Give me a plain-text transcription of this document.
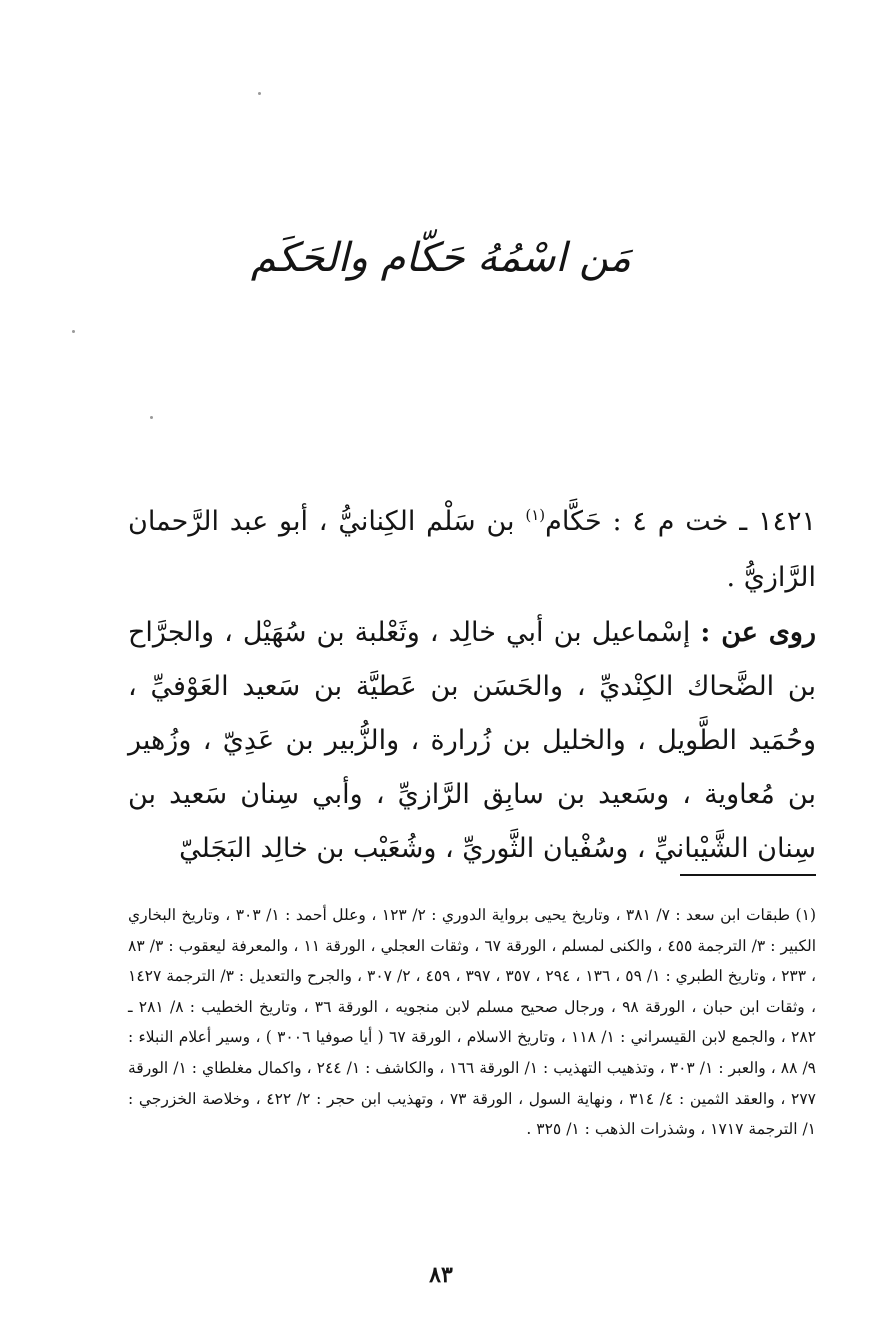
مَن اسْمُهُ حَكّام والحَكَم
١٤٢١ ـ خت م ٤ : حَكَّام$^{(١)}$ بن سَلْم الكِنانيُّ ، أبو عبد الرَّحمان الرَّازيُّ .
روى عن : إسْماعيل بن أبي خالِد ، وثَعْلبة بن سُهَيْل ، والجرَّاح بن الضَّحاك الكِنْديِّ ، والحَسَن بن عَطيَّة بن سَعيد العَوْفيِّ ، وحُمَيد الطَّويل ، والخليل بن زُرارة ، والزُّبير بن عَدِيّ ، وزُهير بن مُعاوية ، وسَعيد بن سابِق الرَّازيِّ ، وأبي سِنان سَعيد بن سِنان الشَّيْبانيِّ ، وسُفْيان الثَّوريِّ ، وشُعَيْب بن خالِد البَجَليّ
(١) طبقات ابن سعد : ٧/ ٣٨١ ، وتاريخ يحيى برواية الدوري : ٢/ ١٢٣ ، وعلل أحمد : ١/ ٣٠٣ ، وتاريخ البخاري الكبير : ٣/ الترجمة ٤٥٥ ، والكنى لمسلم ، الورقة ٦٧ ، وثقات العجلي ، الورقة ١١ ، والمعرفة ليعقوب : ٣/ ٨٣ ، ٢٣٣ ، وتاريخ الطبري : ١/ ٥٩ ، ١٣٦ ، ٢٩٤ ، ٣٥٧ ، ٣٩٧ ، ٤٥٩ ، ٢/ ٣٠٧ ، والجرح والتعديل : ٣/ الترجمة ١٤٢٧ ، وثقات ابن حبان ، الورقة ٩٨ ، ورجال صحيح مسلم لابن منجويه ، الورقة ٣٦ ، وتاريخ الخطيب : ٨/ ٢٨١ ـ ٢٨٢ ، والجمع لابن القيسراني : ١/ ١١٨ ، وتاريخ الاسلام ، الورقة ٦٧ ( أيا صوفيا ٣٠٠٦ ) ، وسير أعلام النبلاء : ٩/ ٨٨ ، والعبر : ١/ ٣٠٣ ، وتذهيب التهذيب : ١/ الورقة ١٦٦ ، والكاشف : ١/ ٢٤٤ ، واكمال مغلطاي : ١/ الورقة ٢٧٧ ، والعقد الثمين : ٤/ ٣١٤ ، ونهاية السول ، الورقة ٧٣ ، وتهذيب ابن حجر : ٢/ ٤٢٢ ، وخلاصة الخزرجي : ١/ الترجمة ١٧١٧ ، وشذرات الذهب : ١/ ٣٢٥ .
٨٣
